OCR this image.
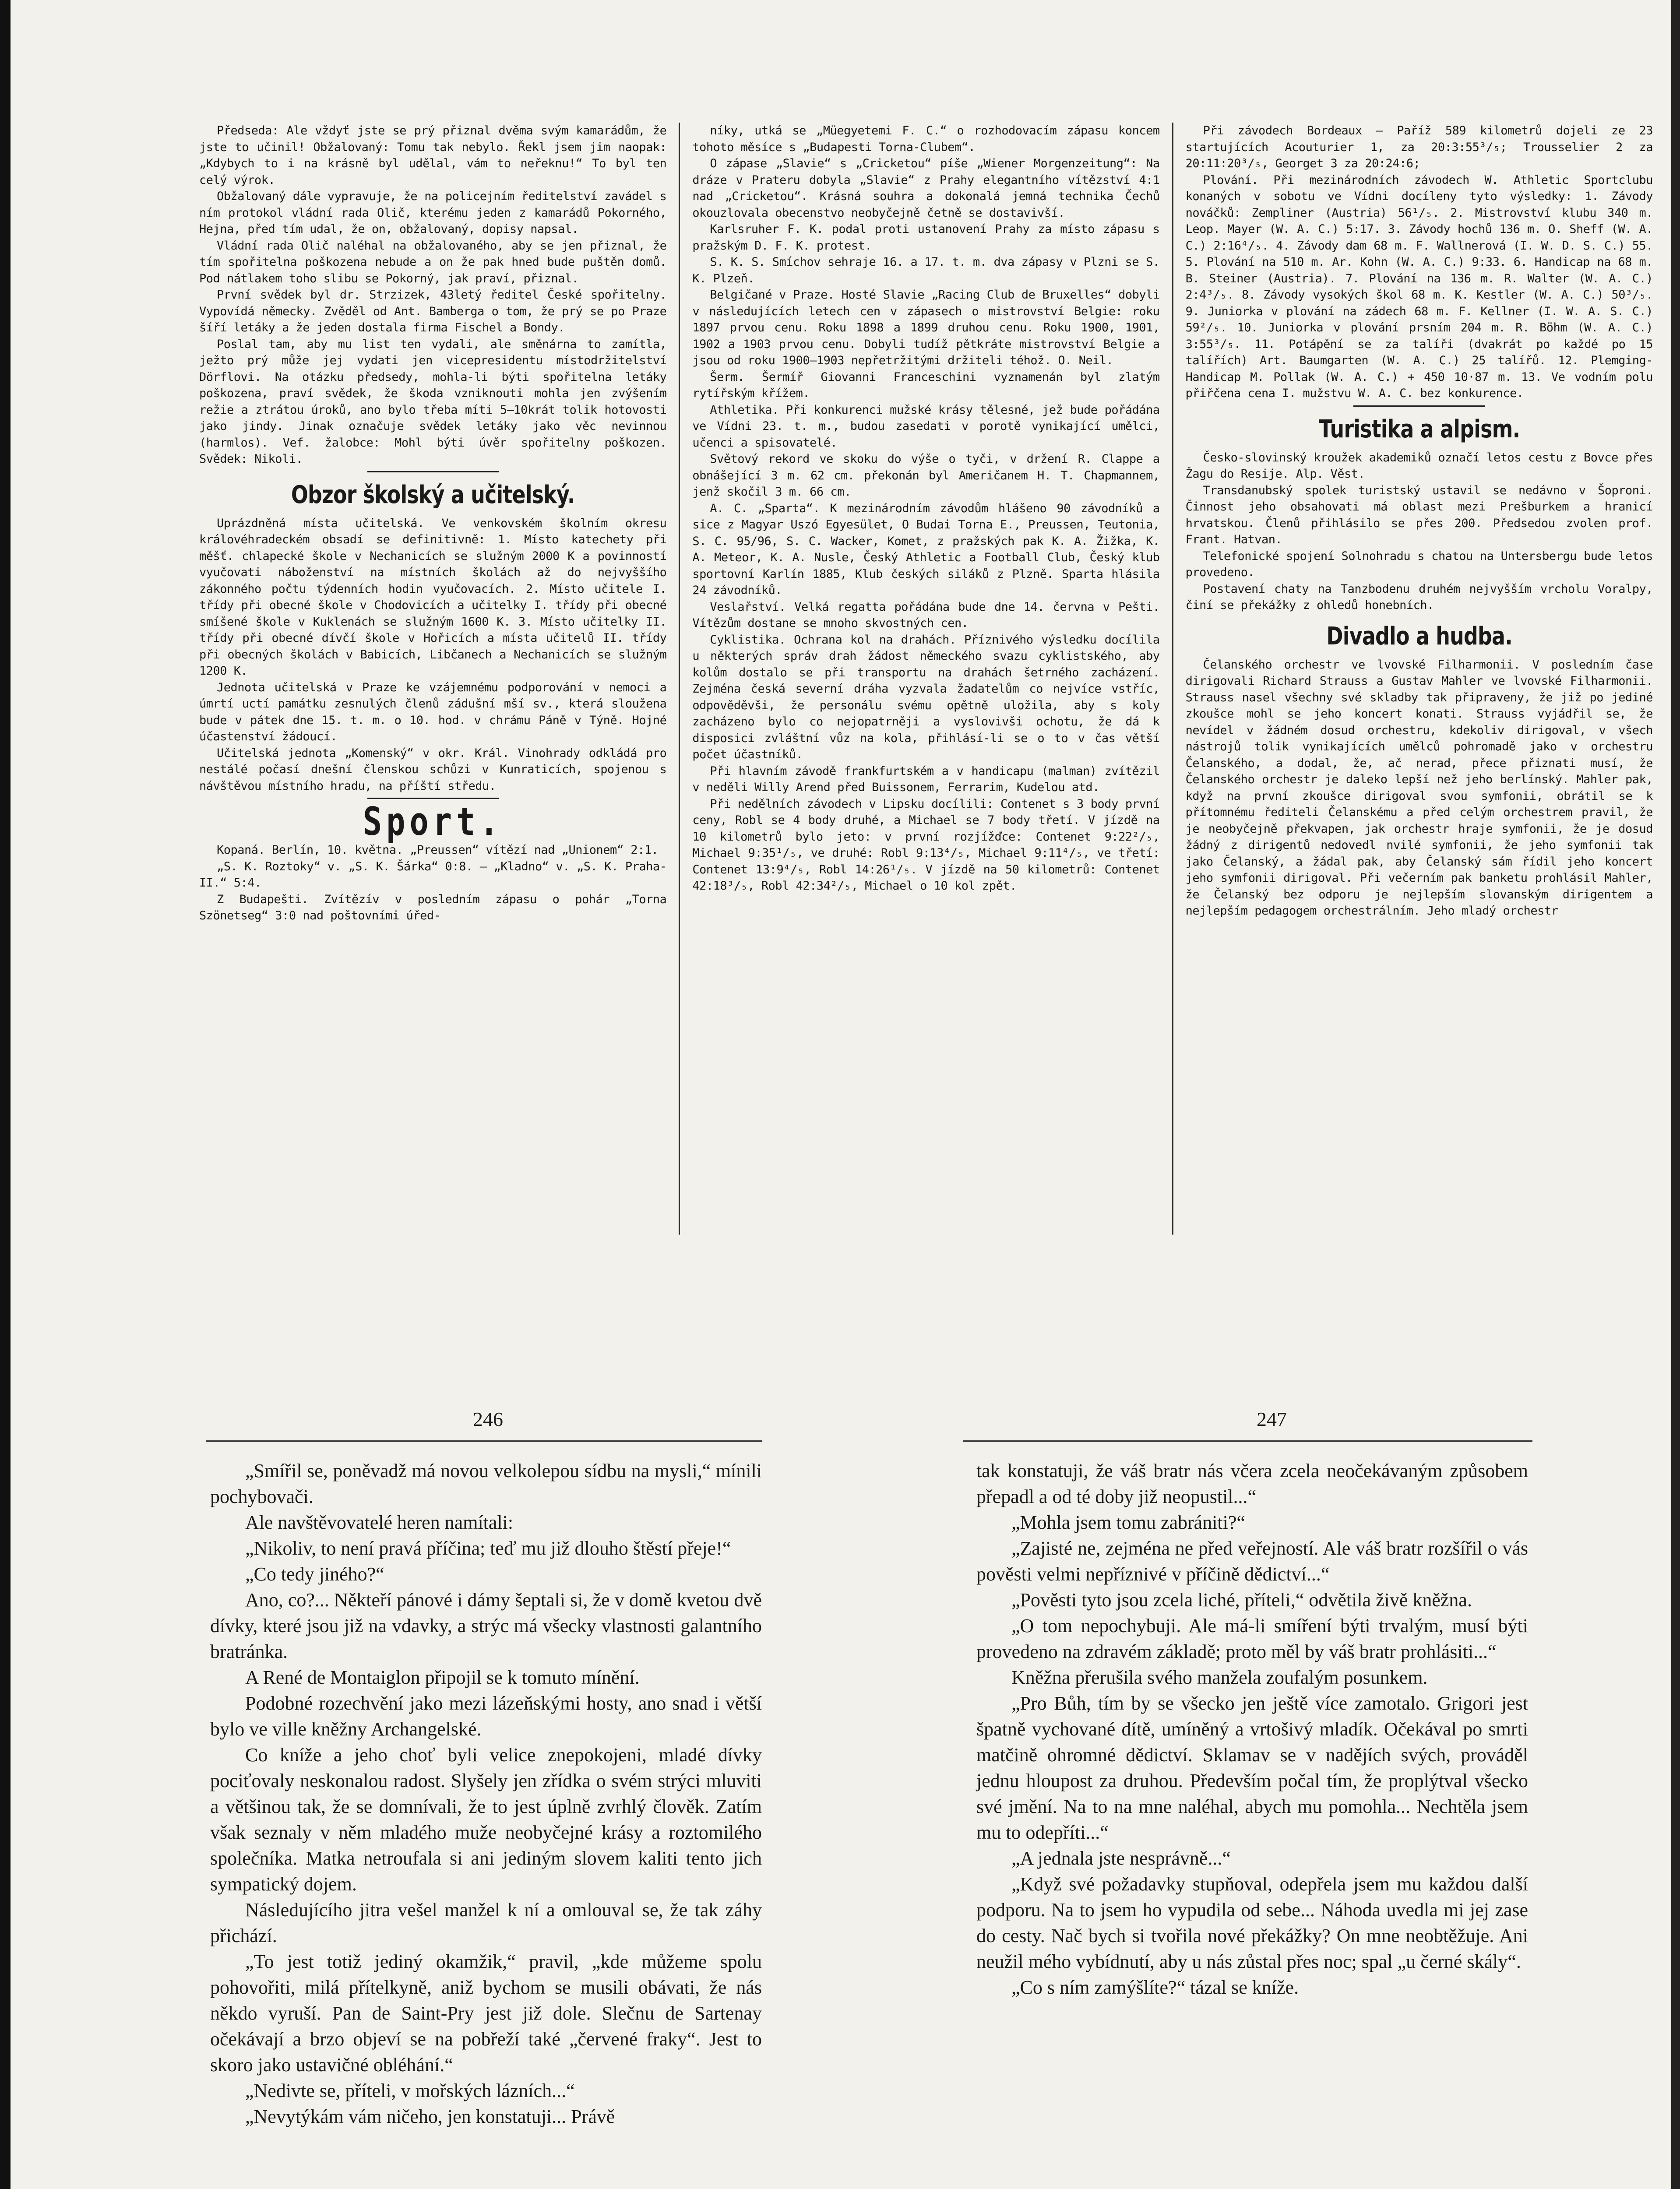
Předseda: Ale vždyť jste se prý přiznal dvěma svým kamarádům, že jste to učinil! Obžalovaný: Tomu tak nebylo. Řekl jsem jim naopak: „Kdybych to i na krásně byl udělal, vám to neřeknu!“ To byl ten celý výrok.

Obžalovaný dále vypravuje, že na policejním ředitelství zavádel s ním protokol vládní rada Olič, kterému jeden z kamarádů Pokorného, Hejna, před tím udal, že on, obžalovaný, dopisy napsal.

Vládní rada Olič naléhal na obžalovaného, aby se jen přiznal, že tím spořitelna poškozena nebude a on že pak hned bude puštěn domů. Pod nátlakem toho slibu se Pokorný, jak praví, přiznal.

První svědek byl dr. Strzizek, 43letý ředitel České spořitelny. Vypovídá německy. Zvěděl od Ant. Bamberga o tom, že prý se po Praze šíří letáky a že jeden dostala firma Fischel a Bondy.

Poslal tam, aby mu list ten vydali, ale směnárna to zamítla, ježto prý může jej vydati jen vicepresidentu místodržitelství Dörflovi. Na otázku předsedy, mohla-li býti spořitelna letáky poškozena, praví svědek, že škoda vzniknouti mohla jen zvýšením režie a ztrátou úroků, ano bylo třeba míti 5—10krát tolik hotovosti jako jindy. Jinak označuje svědek letáky jako věc nevinnou (harmlos). Vef. žalobce: Mohl býti úvěr spořitelny poškozen. Svědek: Nikoli.

Obzor školský a učitelský.

Uprázdněná místa učitelská. Ve venkovském školním okresu královéhradeckém obsadí se definitivně: 1. Místo katechety při měšť. chlapecké škole v Nechanicích se služným 2000 K a povinností vyučovati náboženství na místních školách až do nejvyššího zákonného počtu týdenních hodin vyučovacích. 2. Místo učitele I. třídy při obecné škole v Chodovicích a učitelky I. třídy při obecné smíšené škole v Kuklenách se služným 1600 K. 3. Místo učitelky II. třídy při obecné dívčí škole v Hořicích a místa učitelů II. třídy při obecných školách v Babicích, Libčanech a Nechanicích se služným 1200 K.

Jednota učitelská v Praze ke vzájemnému podporování v nemoci a úmrtí uctí památku zesnulých členů zádušní mší sv., která sloužena bude v pátek dne 15. t. m. o 10. hod. v chrámu Páně v Týně. Hojné účastenství žádoucí.

Učitelská jednota „Komenský“ v okr. Král. Vinohrady odkládá pro nestálé počasí dnešní členskou schůzi v Kunraticích, spojenou s návštěvou místního hradu, na příští středu.

Sport.

Kopaná. Berlín, 10. května. „Preussen“ vítězí nad „Unionem“ 2:1.

„S. K. Roztoky“ v. „S. K. Šárka“ 0:8. — „Kladno“ v. „S. K. Praha-II.“ 5:4.

Z Budapešti. Zvítězív v posledním zápasu o pohár „Torna Szönetseg“ 3:0 nad poštovními úřed-

níky, utká se „Müegyetemi F. C.“ o rozhodovacím zápasu koncem tohoto měsíce s „Budapesti Torna-Clubem“.

O zápase „Slavie“ s „Cricketou“ píše „Wiener Morgenzeitung“: Na dráze v Prateru dobyla „Slavie“ z Prahy elegantního vítězství 4:1 nad „Cricketou“. Krásná souhra a dokonalá jemná technika Čechů okouzlovala obecenstvo neobyčejně četně se dostavivší.

Karlsruher F. K. podal proti ustanovení Prahy za místo zápasu s pražským D. F. K. protest.

S. K. S. Smíchov sehraje 16. a 17. t. m. dva zápasy v Plzni se S. K. Plzeň.

Belgičané v Praze. Hosté Slavie „Racing Club de Bruxelles“ dobyli v následujících letech cen v zápasech o mistrovství Belgie: roku 1897 prvou cenu. Roku 1898 a 1899 druhou cenu. Roku 1900, 1901, 1902 a 1903 prvou cenu. Dobyli tudíž pětkráte mistrovství Belgie a jsou od roku 1900—1903 nepřetržitými držiteli téhož. O. Neil.

Šerm. Šermíř Giovanni Franceschini vyznamenán byl zlatým rytířským křížem.

Athletika. Při konkurenci mužské krásy tělesné, jež bude pořádána ve Vídni 23. t. m., budou zasedati v porotě vynikající umělci, učenci a spisovatelé.

Světový rekord ve skoku do výše o tyči, v držení R. Clappe a obnášející 3 m. 62 cm. překonán byl Američanem H. T. Chapmannem, jenž skočil 3 m. 66 cm.

A. C. „Sparta“. K mezinárodním závodům hlášeno 90 závodníků a sice z Magyar Uszó Egyesület, O Budai Torna E., Preussen, Teutonia, S. C. 95/96, S. C. Wacker, Komet, z pražských pak K. A. Žižka, K. A. Meteor, K. A. Nusle, Český Athletic a Football Club, Český klub sportovní Karlín 1885, Klub českých siláků z Plzně. Sparta hlásila 24 závodníků.

Veslařství. Velká regatta pořádána bude dne 14. června v Pešti. Vítězům dostane se mnoho skvostných cen.

Cyklistika. Ochrana kol na drahách. Příznivého výsledku docílila u některých správ drah žádost německého svazu cyklistského, aby kolům dostalo se při transportu na drahách šetrného zacházení. Zejména česká severní dráha vyzvala žadatelům co nejvíce vstříc, odpověděvši, že personálu svému opětně uložila, aby s koly zacházeno bylo co nejopatrněji a vyslovivši ochotu, že dá k disposici zvláštní vůz na kola, přihlásí-li se o to v čas větší počet účastníků.

Při hlavním závodě frankfurtském a v handicapu (malman) zvítězil v neděli Willy Arend před Buissonem, Ferrarim, Kudelou atd.

Při nedělních závodech v Lipsku docílili: Contenet s 3 body první ceny, Robl se 4 body druhé, a Michael se 7 body třetí. V jízdě na 10 kilometrů bylo jeto: v první rozjížďce: Contenet 9:22²/₅, Michael 9:35¹/₅, ve druhé: Robl 9:13⁴/₅, Michael 9:11⁴/₅, ve třetí: Contenet 13:9⁴/₅, Robl 14:26¹/₅. V jízdě na 50 kilometrů: Contenet 42:18³/₅, Robl 42:34²/₅, Michael o 10 kol zpět.

Při závodech Bordeaux — Paříž 589 kilometrů dojeli ze 23 startujících Acouturier 1, za 20:3:55³/₅; Trousselier 2 za 20:11:20³/₅, Georget 3 za 20:24:6;

Plování. Při mezinárodních závodech W. Athletic Sportclubu konaných v sobotu ve Vídni docíleny tyto výsledky: 1. Závody nováčků: Zempliner (Austria) 56¹/₅. 2. Mistrovství klubu 340 m. Leop. Mayer (W. A. C.) 5:17. 3. Závody hochů 136 m. O. Sheff (W. A. C.) 2:16⁴/₅. 4. Závody dam 68 m. F. Wallnerová (I. W. D. S. C.) 55. 5. Plování na 510 m. Ar. Kohn (W. A. C.) 9:33. 6. Handicap na 68 m. B. Steiner (Austria). 7. Plování na 136 m. R. Walter (W. A. C.) 2:4³/₅. 8. Závody vysokých škol 68 m. K. Kestler (W. A. C.) 50³/₅. 9. Juniorka v plování na zádech 68 m. F. Kellner (I. W. A. S. C.) 59²/₅. 10. Juniorka v plování prsním 204 m. R. Böhm (W. A. C.) 3:55³/₅. 11. Potápění se za talíři (dvakrát po každé po 15 talířích) Art. Baumgarten (W. A. C.) 25 talířů. 12. Plemging-Handicap M. Pollak (W. A. C.) + 450 10·87 m. 13. Ve vodním polu přiřčena cena I. mužstvu W. A. C. bez konkurence.

Turistika a alpism.

Česko-slovinský kroužek akademiků označí letos cestu z Bovce přes Žagu do Resije. Alp. Věst.

Transdanubský spolek turistský ustavil se nedávno v Šoproni. Činnost jeho obsahovati má oblast mezi Prešburkem a hranicí hrvatskou. Členů přihlásilo se přes 200. Předsedou zvolen prof. Frant. Hatvan.

Telefonické spojení Solnohradu s chatou na Untersbergu bude letos provedeno.

Postavení chaty na Tanzbodenu druhém nejvyšším vrcholu Voralpy, činí se překážky z ohledů honebních.

Divadlo a hudba.

Čelanského orchestr ve lvovské Filharmonii. V posledním čase dirigovali Richard Strauss a Gustav Mahler ve lvovské Filharmonii. Strauss nasel všechny své skladby tak připraveny, že již po jediné zkoušce mohl se jeho koncert konati. Strauss vyjádřil se, že nevídel v žádném dosud orchestru, kdekoliv dirigoval, v všech nástrojů tolik vynikajících umělců pohromadě jako v orchestru Čelanského, a dodal, že, ač nerad, přece přiznati musí, že Čelanského orchestr je daleko lepší než jeho berlínský. Mahler pak, když na první zkoušce dirigoval svou symfonii, obrátil se k přítomnému řediteli Čelanskému a před celým orchestrem pravil, že je neobyčejně překvapen, jak orchestr hraje symfonii, že je dosud žádný z dirigentů nedovedl nvilé symfonii, že jeho symfonii tak jako Čelanský, a žádal pak, aby Čelanský sám řídil jeho koncert jeho symfonii dirigoval. Při večerním pak banketu prohlásil Mahler, že Čelanský bez odporu je nejlepším slovanským dirigentem a nejlepším pedagogem orchestrálním. Jeho mladý orchestr

246	247

„Smířil se, poněvadž má novou velkolepou sídbu na mysli,“ mínili pochybovači.

Ale navštěvovatelé heren namítali:

„Nikoliv, to není pravá příčina; teď mu již dlouho štěstí přeje!“

„Co tedy jiného?“

Ano, co?... Někteří pánové i dámy šeptali si, že v domě kvetou dvě dívky, které jsou již na vdavky, a strýc má všecky vlastnosti galantního bratránka.

A René de Montaiglon připojil se k tomuto mínění.

Podobné rozechvění jako mezi lázeňskými hosty, ano snad i větší bylo ve ville kněžny Archangelské.

Co kníže a jeho choť byli velice znepokojeni, mladé dívky pociťovaly neskonalou radost. Slyšely jen zřídka o svém strýci mluviti a většinou tak, že se domnívali, že to jest úplně zvrhlý člověk. Zatím však seznaly v něm mladého muže neobyčejné krásy a roztomilého společníka. Matka netroufala si ani jediným slovem kaliti tento jich sympatický dojem.

Následujícího jitra vešel manžel k ní a omlouval se, že tak záhy přichází.

„To jest totiž jediný okamžik,“ pravil, „kde můžeme spolu pohovořiti, milá přítelkyně, aniž bychom se musili obávati, že nás někdo vyruší. Pan de Saint-Pry jest již dole. Slečnu de Sartenay očekávají a brzo objeví se na pobřeží také „červené fraky“. Jest to skoro jako ustavičné obléhání.“

„Nedivte se, příteli, v mořských lázních...“

„Nevytýkám vám ničeho, jen konstatuji... Právě

tak konstatuji, že váš bratr nás včera zcela neočekávaným způsobem přepadl a od té doby již neopustil...“

„Mohla jsem tomu zabrániti?“

„Zajisté ne, zejména ne před veřejností. Ale váš bratr rozšířil o vás pověsti velmi nepříznivé v příčině dědictví...“

„Pověsti tyto jsou zcela liché, příteli,“ odvětila živě kněžna.

„O tom nepochybuji. Ale má-li smíření býti trvalým, musí býti provedeno na zdravém základě; proto měl by váš bratr prohlásiti...“

Kněžna přerušila svého manžela zoufalým posunkem.

„Pro Bůh, tím by se všecko jen ještě více zamotalo. Grigori jest špatně vychované dítě, umíněný a vrtošivý mladík. Očekával po smrti matčině ohromné dědictví. Sklamav se v nadějích svých, prováděl jednu hloupost za druhou. Především počal tím, že proplýtval všecko své jmění. Na to na mne naléhal, abych mu pomohla... Nechtěla jsem mu to odepříti...“

„A jednala jste nesprávně...“

„Když své požadavky stupňoval, odepřela jsem mu každou další podporu. Na to jsem ho vypudila od sebe... Náhoda uvedla mi jej zase do cesty. Nač bych si tvořila nové překážky? On mne neobtěžuje. Ani neužil mého vybídnutí, aby u nás zůstal přes noc; spal „u černé skály“.

„Co s ním zamýšlíte?“ tázal se kníže.
